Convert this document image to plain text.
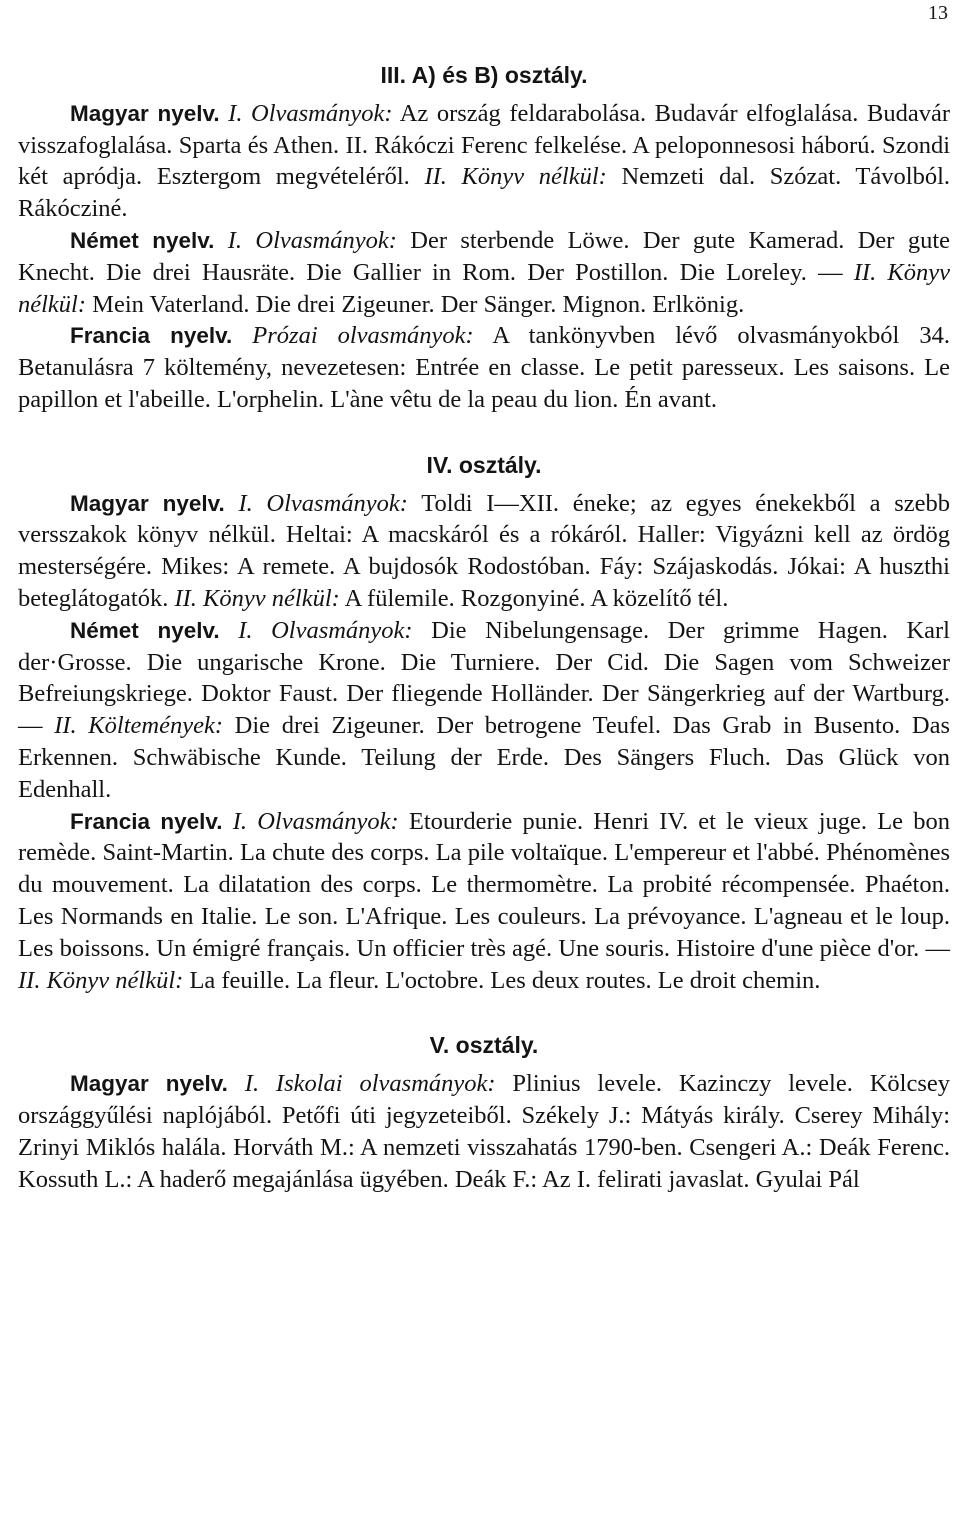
13
III. A) és B) osztály.

Magyar nyelv. I. Olvasmányok: Az ország feldarabolása. Budavár elfoglalása. Budavár visszafoglalása. Sparta és Athen. II. Rákóczi Ferenc felkelése. A peloponnesosi háború. Szondi két apródja. Esztergom megvételéről. II. Könyv nélkül: Nemzeti dal. Szózat. Távolból. Rákócziné.

Német nyelv. I. Olvasmányok: Der sterbende Löwe. Der gute Kamerad. Der gute Knecht. Die drei Hausräte. Die Gallier in Rom. Der Postillon. Die Loreley. — II. Könyv nélkül: Mein Vaterland. Die drei Zigeuner. Der Sänger. Mignon. Erlkönig.

Francia nyelv. Prózai olvasmányok: A tankönyvben lévő olvasmányokból 34. Betanulásra 7 költemény, nevezetesen: Entrée en classe. Le petit paresseux. Les saisons. Le papillon et l'abeille. L'orphelin. L'àne vêtu de la peau du lion. Én avant.

IV. osztály.

Magyar nyelv. I. Olvasmányok: Toldi I—XII. éneke; az egyes énekekből a szebb versszakok könyv nélkül. Heltai: A macskáról és a rókáról. Haller: Vigyázni kell az ördög mesterségére. Mikes: A remete. A bujdosók Rodostóban. Fáy: Szájaskodás. Jókai: A huszthi beteglátogatók. II. Könyv nélkül: A fülemile. Rozgonyiné. A közelítő tél.

Német nyelv. I. Olvasmányok: Die Nibelungensage. Der grimme Hagen. Karl der·Grosse. Die ungarische Krone. Die Turniere. Der Cid. Die Sagen vom Schweizer Befreiungskriege. Doktor Faust. Der fliegende Holländer. Der Sängerkrieg auf der Wartburg. — II. Költemények: Die drei Zigeuner. Der betrogene Teufel. Das Grab in Busento. Das Erkennen. Schwäbische Kunde. Teilung der Erde. Des Sängers Fluch. Das Glück von Edenhall.

Francia nyelv. I. Olvasmányok: Etourderie punie. Henri IV. et le vieux juge. Le bon remède. Saint-Martin. La chute des corps. La pile voltaïque. L'empereur et l'abbé. Phénomènes du mouvement. La dilatation des corps. Le thermomètre. La probité récompensée. Phaéton. Les Normands en Italie. Le son. L'Afrique. Les couleurs. La prévoyance. L'agneau et le loup. Les boissons. Un émigré français. Un officier très agé. Une souris. Histoire d'une pièce d'or. — II. Könyv nélkül: La feuille. La fleur. L'octobre. Les deux routes. Le droit chemin.

V. osztály.

Magyar nyelv. I. Iskolai olvasmányok: Plinius levele. Kazinczy levele. Kölcsey országgyűlési naplójából. Petőfi úti jegyzeteiből. Székely J.: Mátyás király. Cserey Mihály: Zrinyi Miklós halála. Horváth M.: A nemzeti visszahatás 1790-ben. Csengeri A.: Deák Ferenc. Kossuth L.: A haderő megajánlása ügyében. Deák F.: Az I. felirati javaslat. Gyulai Pál
